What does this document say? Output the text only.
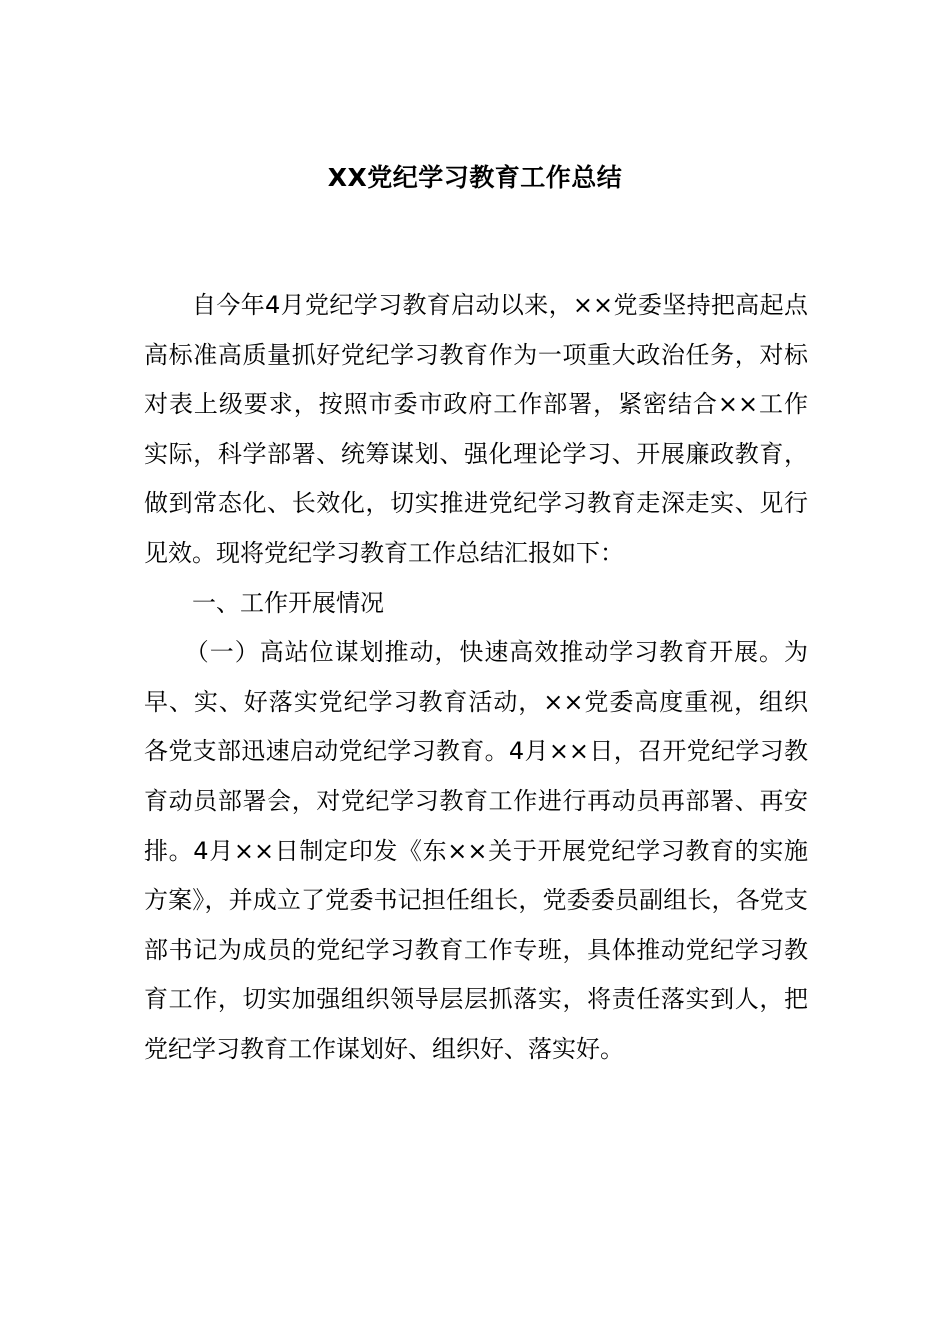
XX党纪学习教育工作总结

自今年4月党纪学习教育启动以来，××党委坚持把高起点高标准高质量抓好党纪学习教育作为一项重大政治任务，对标对表上级要求，按照市委市政府工作部署，紧密结合××工作实际，科学部署、统筹谋划、强化理论学习、开展廉政教育，做到常态化、长效化，切实推进党纪学习教育走深走实、见行见效。现将党纪学习教育工作总结汇报如下：

一、工作开展情况

（一）高站位谋划推动，快速高效推动学习教育开展。为早、实、好落实党纪学习教育活动，××党委高度重视，组织各党支部迅速启动党纪学习教育。4月××日，召开党纪学习教育动员部署会，对党纪学习教育工作进行再动员再部署、再安排。4月××日制定印发《东××关于开展党纪学习教育的实施方案》，并成立了党委书记担任组长，党委委员副组长，各党支部书记为成员的党纪学习教育工作专班，具体推动党纪学习教育工作，切实加强组织领导层层抓落实，将责任落实到人，把党纪学习教育工作谋划好、组织好、落实好。
